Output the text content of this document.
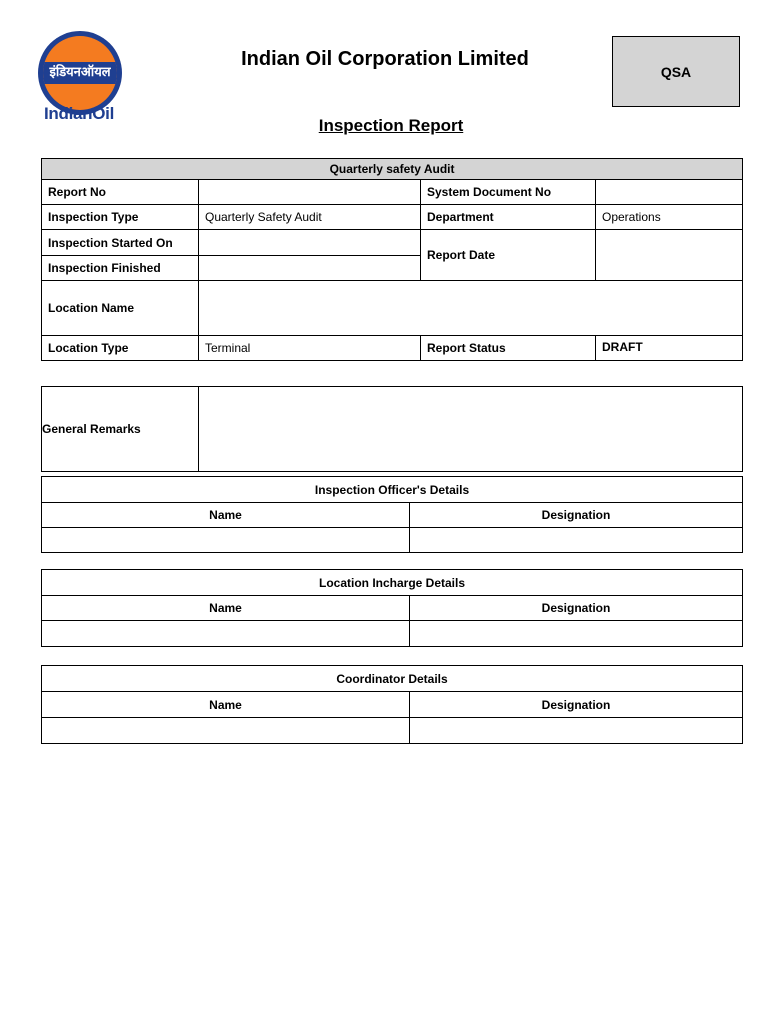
इंडियनऑयल
IndianOil
Indian Oil Corporation Limited
QSA
Inspection Report
Quarterly safety Audit			
Report No		System Document No	
Inspection Type	Quarterly Safety Audit	Department	Operations
Inspection Started On		Report Date	
Inspection Finished			
Location Name			
Location Type	Terminal	Report Status	DRAFT
General Remarks	
Inspection Officer's Details	
Name	Designation

Location Incharge Details	
Name	Designation

Coordinator Details	
Name	Designation
